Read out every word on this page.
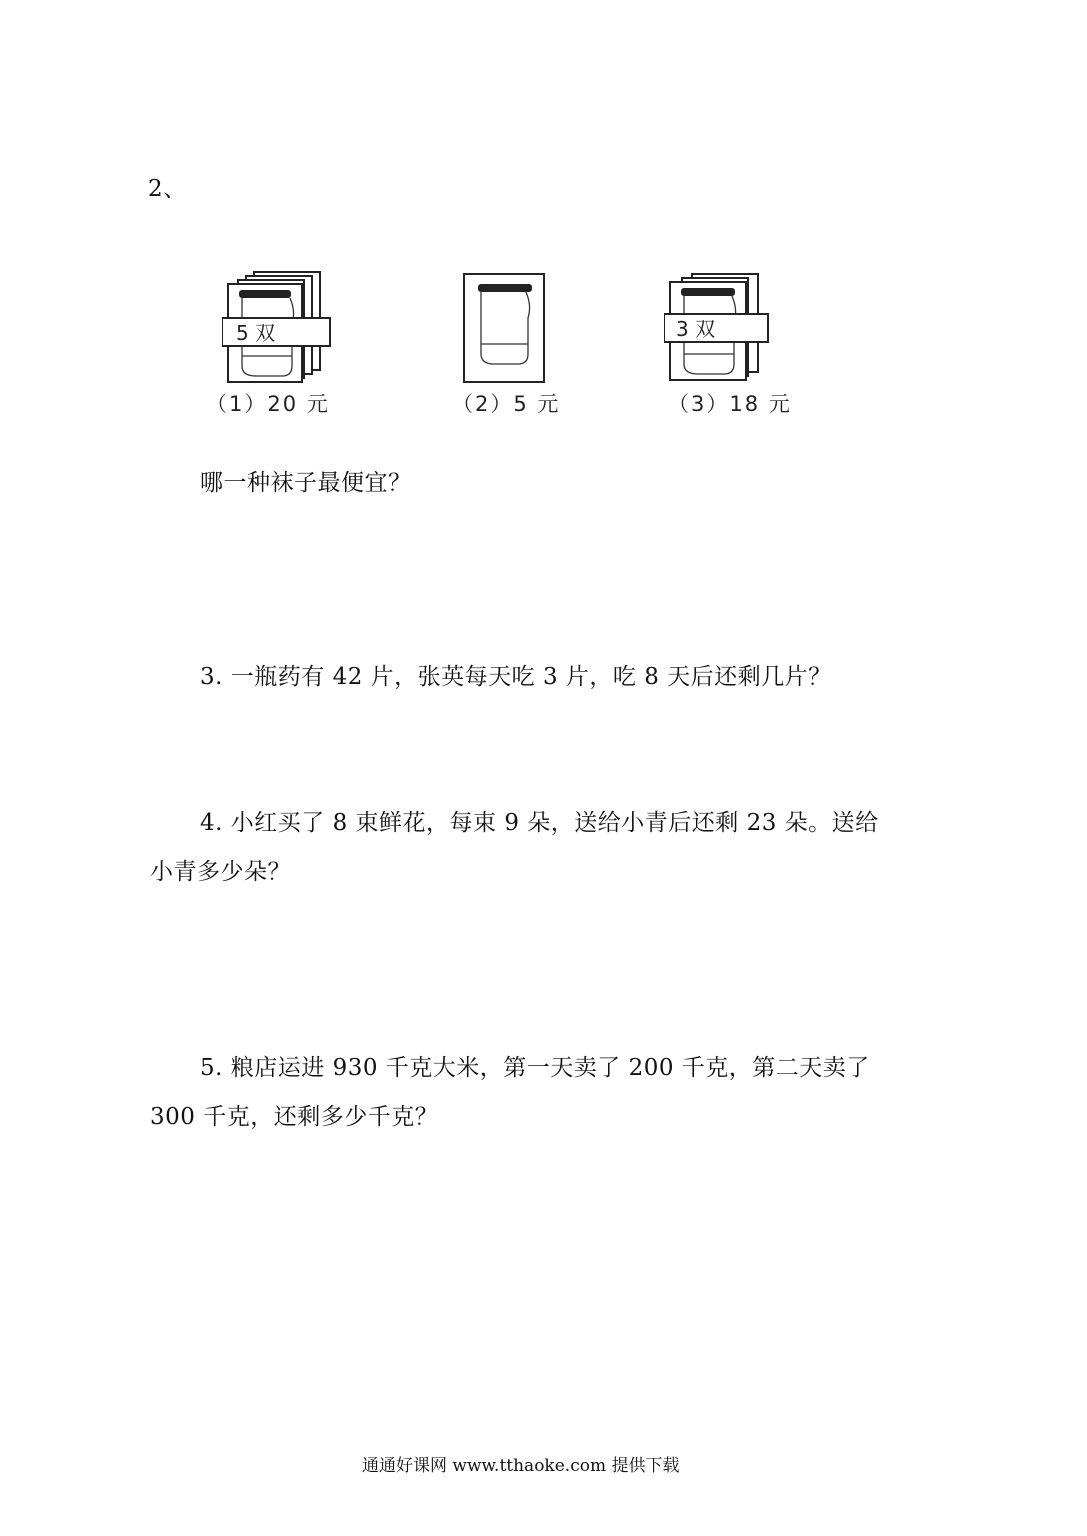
2、
5 双	3 双
（1）20 元	（2）5 元	（3）18 元
哪一种袜子最便宜？
3. 一瓶药有 42 片，张英每天吃 3 片，吃 8 天后还剩几片？
4. 小红买了 8 束鲜花，每束 9 朵，送给小青后还剩 23 朵。送给
小青多少朵？
5. 粮店运进 930 千克大米，第一天卖了 200 千克，第二天卖了
300 千克，还剩多少千克？
通通好课网 www.tthaoke.com 提供下载
